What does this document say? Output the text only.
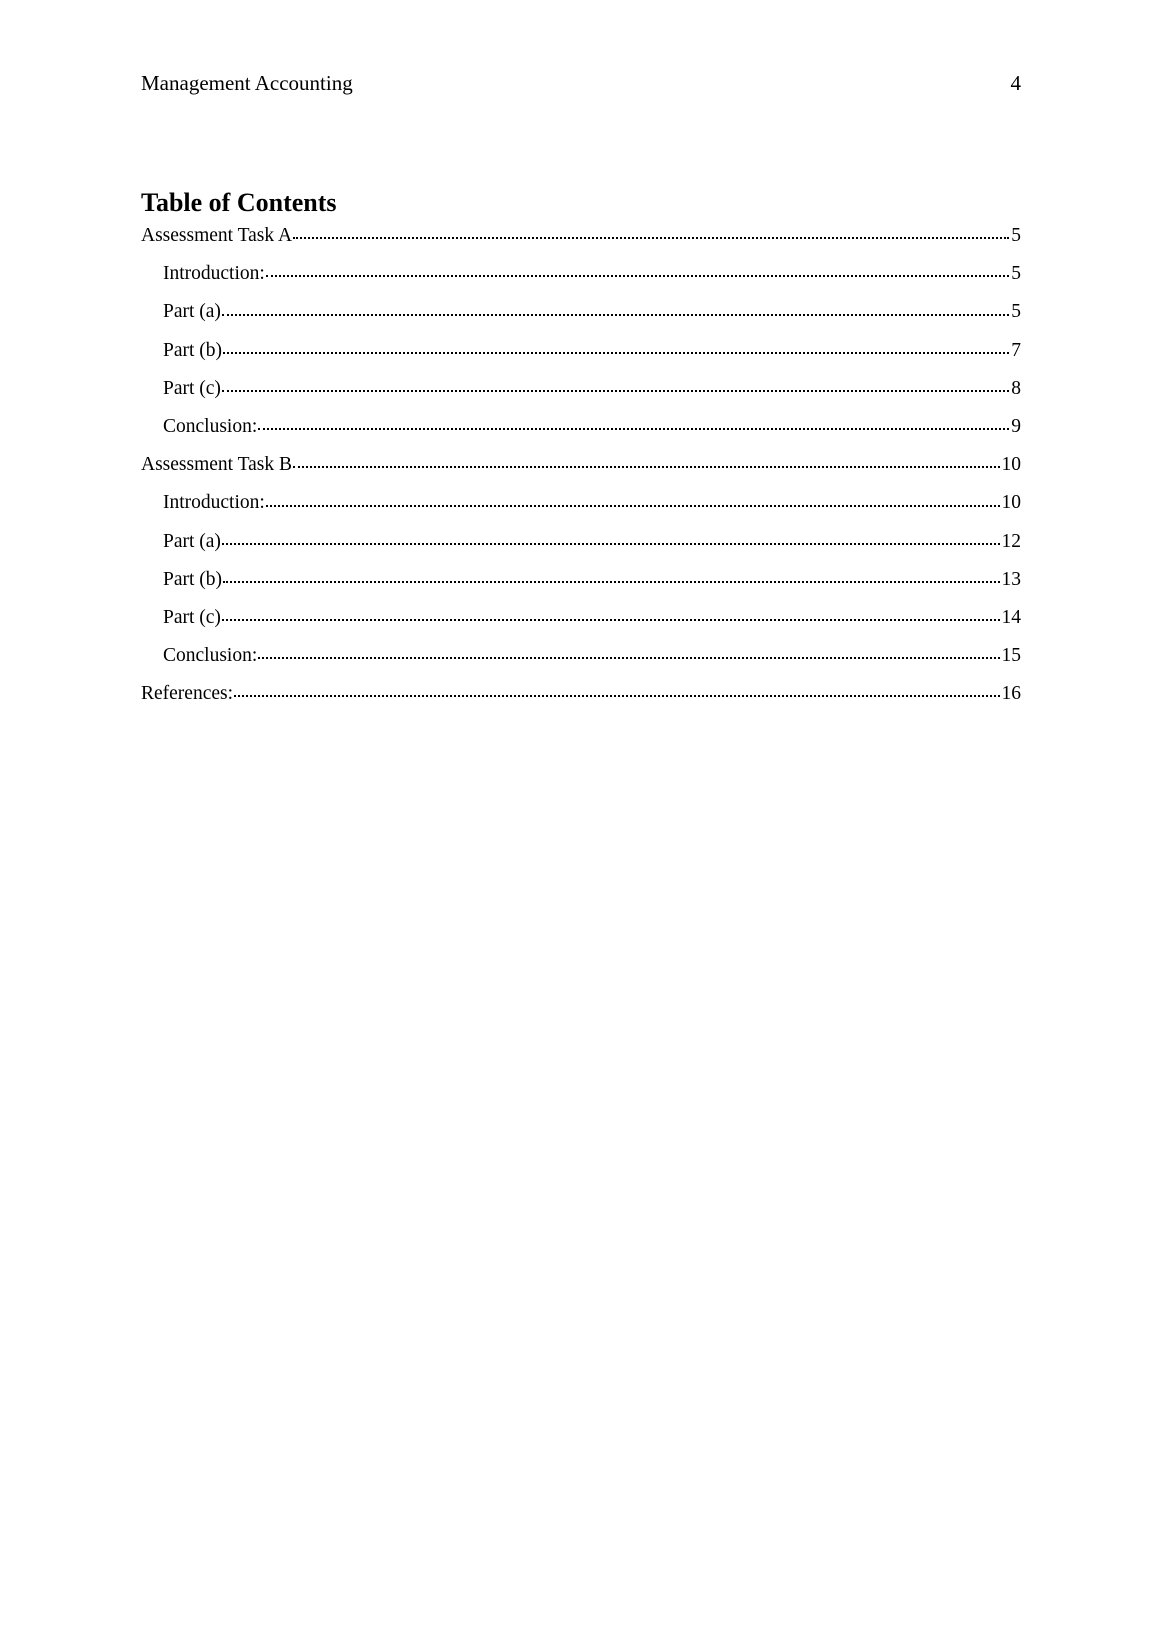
Management Accounting	4
Table of Contents
Assessment Task A	5
Introduction:	5
Part (a)	5
Part (b)	7
Part (c)	8
Conclusion:	9
Assessment Task B	10
Introduction:	10
Part (a)	12
Part (b)	13
Part (c)	14
Conclusion:	15
References:	16
